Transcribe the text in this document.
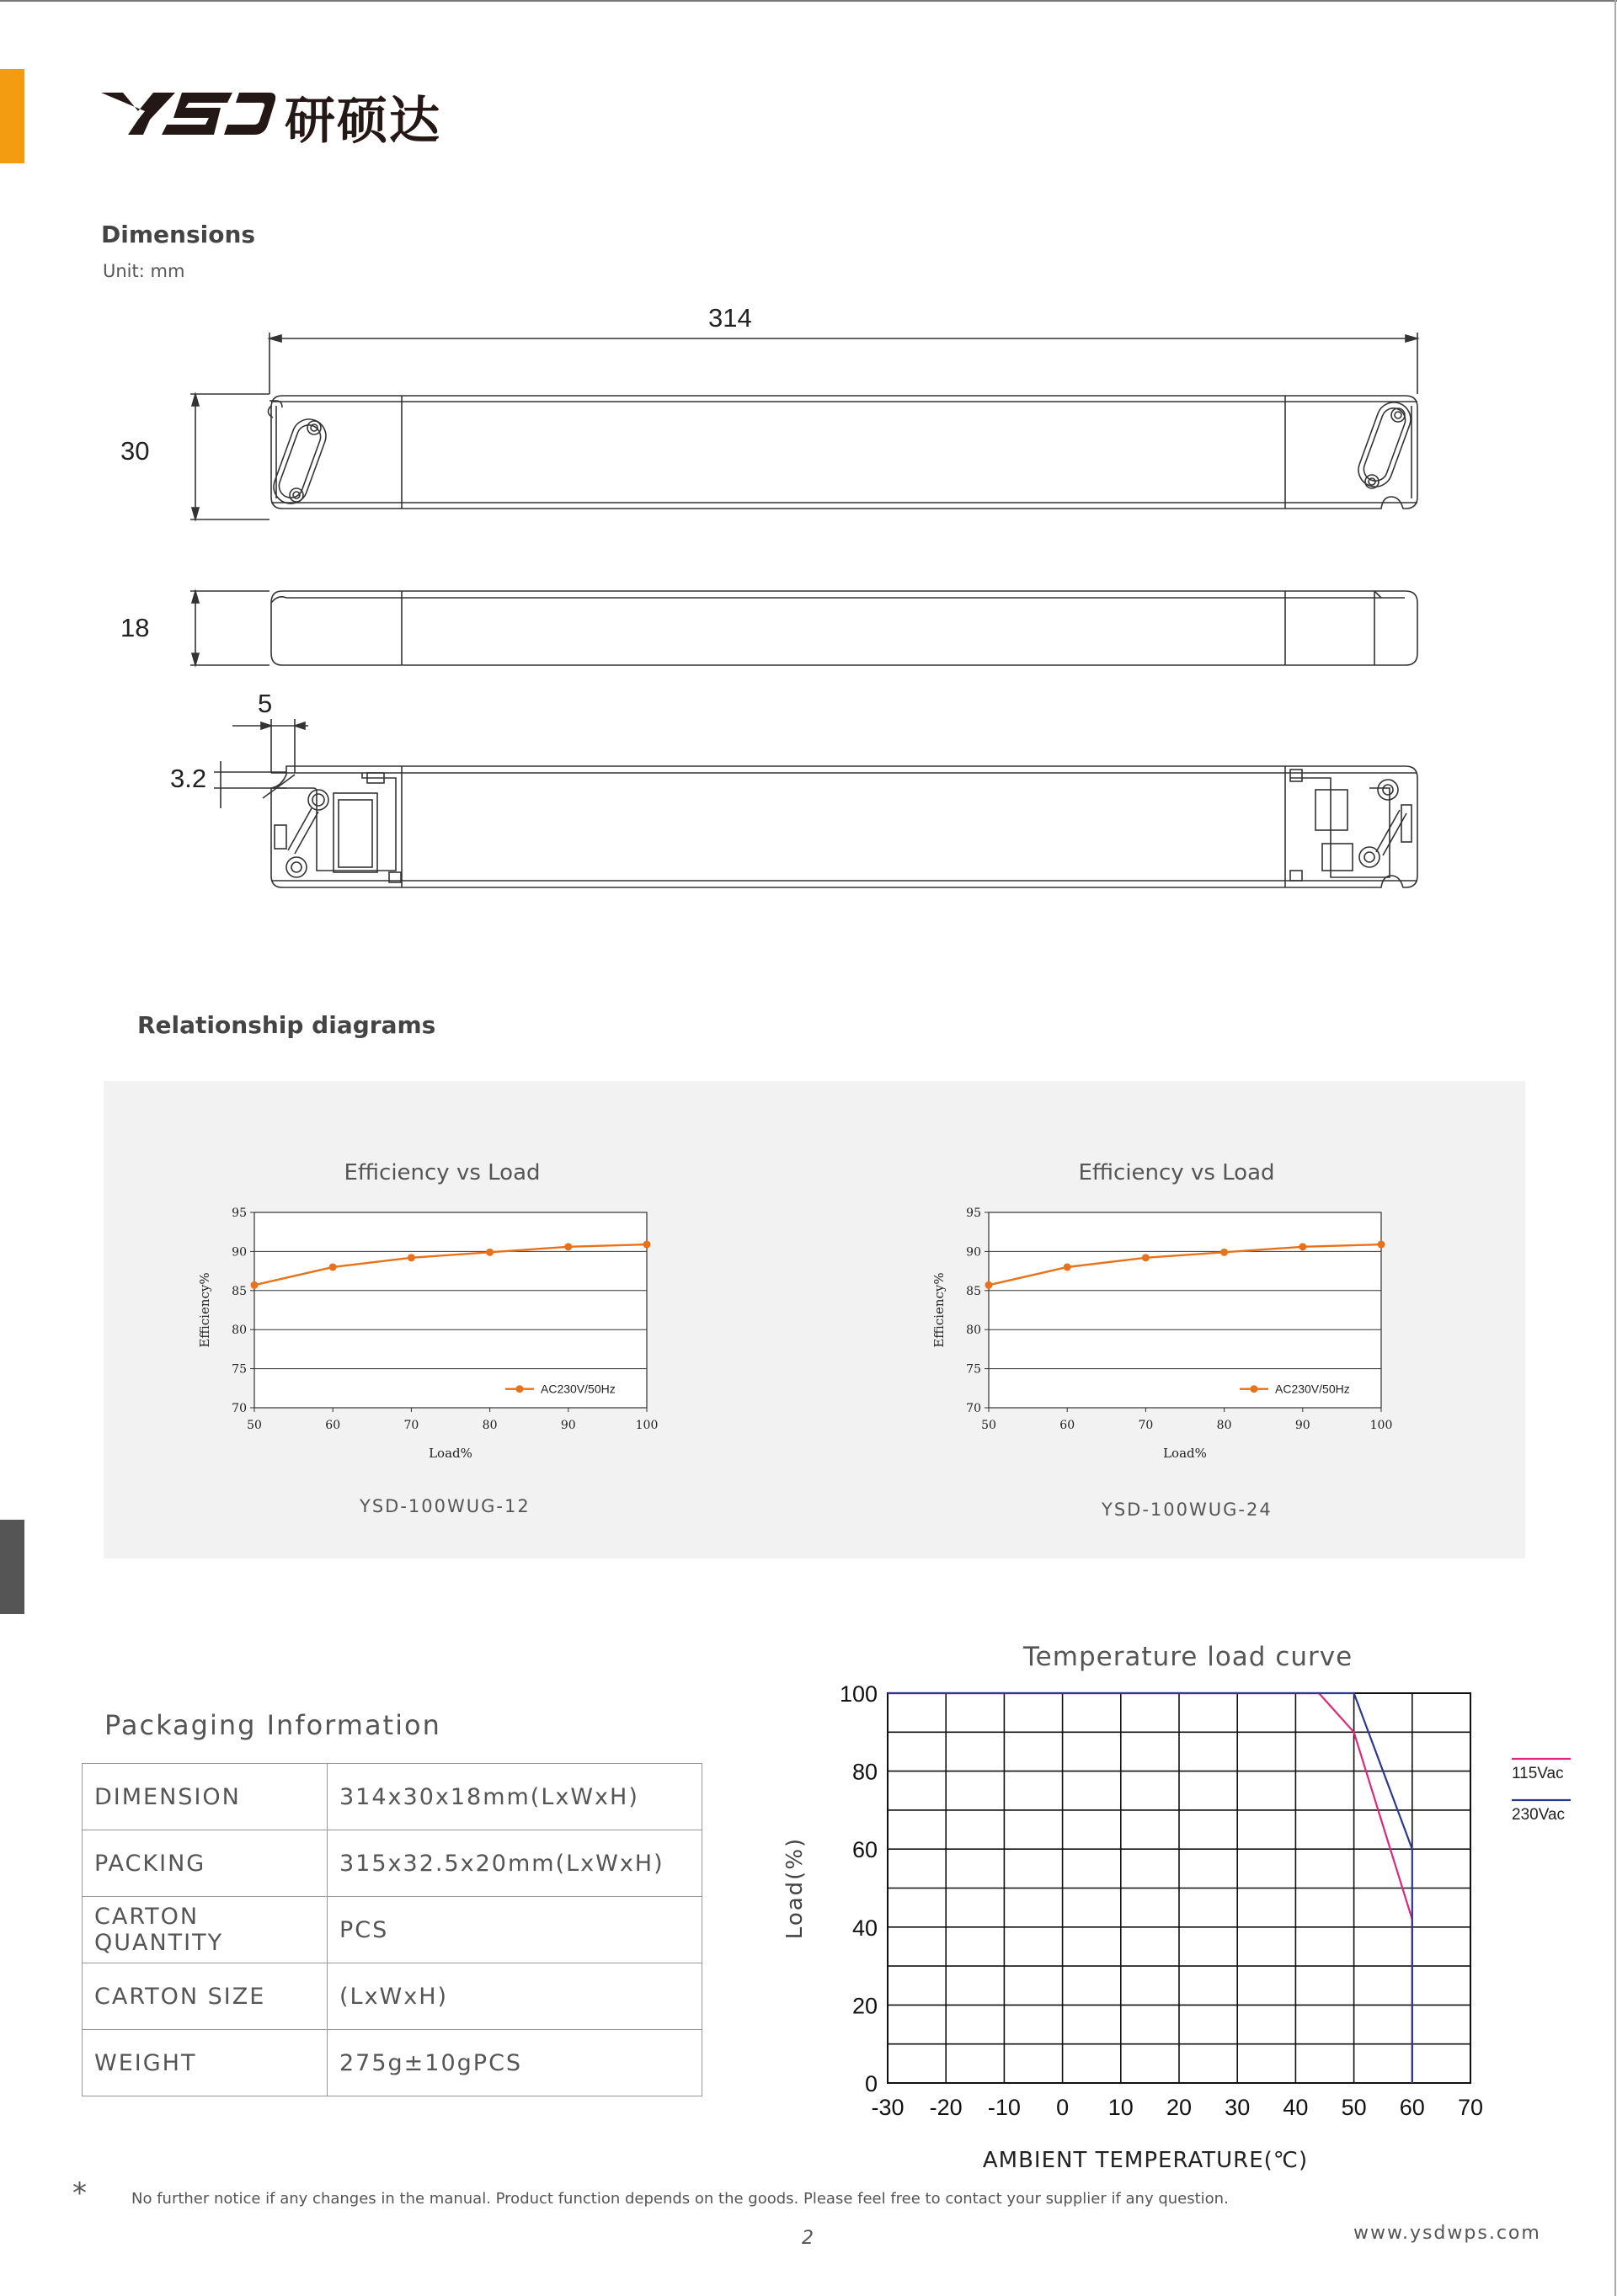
研硕达
Dimensions
Unit: mm
314
30
18
5
3.2
Relationship diagrams
Efficiency vs Load	Efficiency vs Load
70
75
80
85
90
95
50	60	70	80	90	100
Load%
Efficiency%
AC230V/50Hz
70
75
80
85
90
95
50	60	70	80	90	100
Load%
Efficiency%
AC230V/50Hz
YSD-100WUG-12	YSD-100WUG-24
Packaging Information
DIMENSION	314x30x18mm(LxWxH)
PACKING	315x32.5x20mm(LxWxH)
CARTON QUANTITY	PCS
CARTON SIZE	(LxWxH)
WEIGHT	275g±10gPCS
Temperature load curve
-30 -20 -10 0 10 20 30 40 50 60 70
0
20
40
60
80
100
AMBIENT TEMPERATURE(℃)
Load(%)
115Vac
230Vac
*	No further notice if any changes in the manual. Product function depends on the goods. Please feel free to contact your supplier if any question.
2	www.ysdwps.com
